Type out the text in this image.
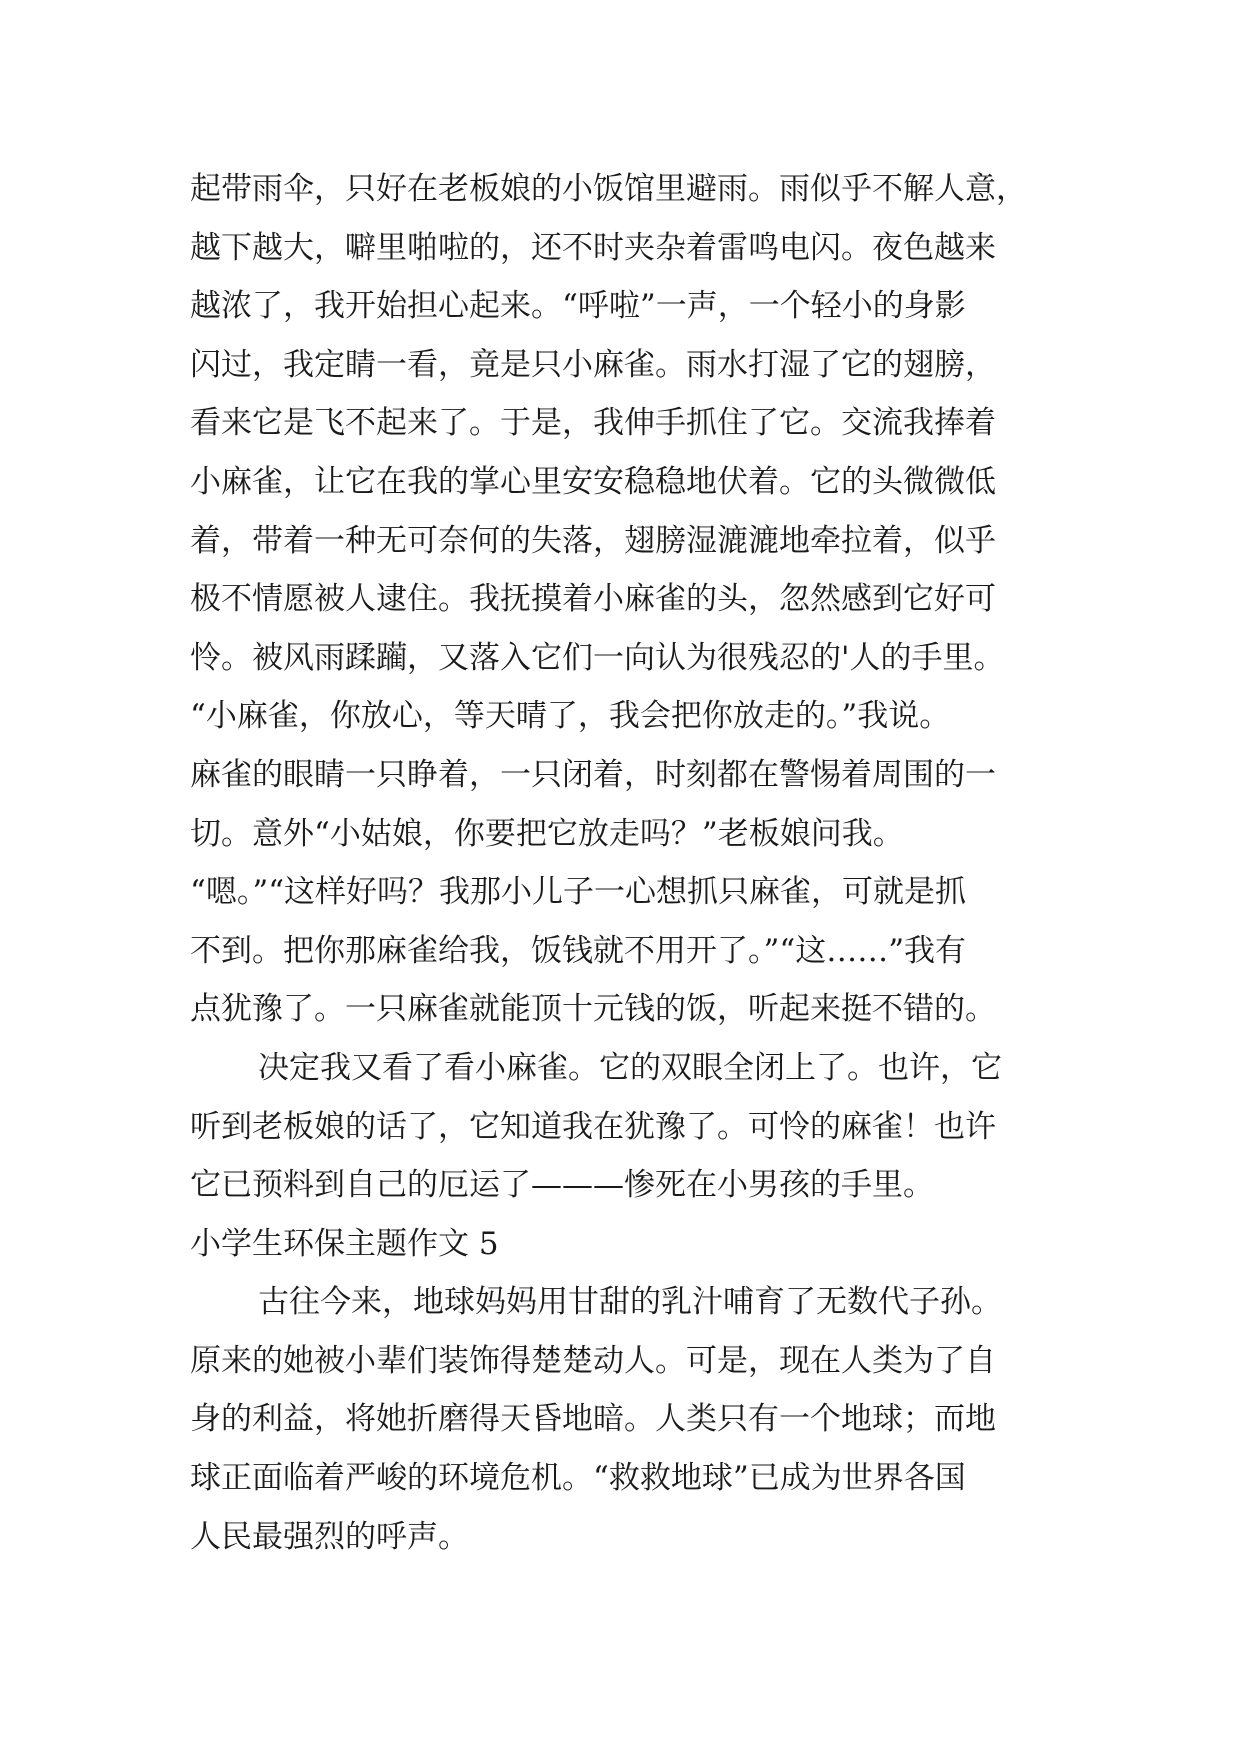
起带雨伞，只好在老板娘的小饭馆里避雨。雨似乎不解人意，
越下越大，噼里啪啦的，还不时夹杂着雷鸣电闪。夜色越来
越浓了，我开始担心起来。“呼啦”一声，一个轻小的身影
闪过，我定睛一看，竟是只小麻雀。雨水打湿了它的翅膀，
看来它是飞不起来了。于是，我伸手抓住了它。交流我捧着
小麻雀，让它在我的掌心里安安稳稳地伏着。它的头微微低
着，带着一种无可奈何的失落，翅膀湿漉漉地牵拉着，似乎
极不情愿被人逮住。我抚摸着小麻雀的头，忽然感到它好可
怜。被风雨蹂躏，又落入它们一向认为很残忍的'人的手里。
“小麻雀，你放心，等天晴了，我会把你放走的。”我说。
麻雀的眼睛一只睁着，一只闭着，时刻都在警惕着周围的一
切。意外“小姑娘，你要把它放走吗？”老板娘问我。
“嗯。”“这样好吗？我那小儿子一心想抓只麻雀，可就是抓
不到。把你那麻雀给我，饭钱就不用开了。”“这……”我有
点犹豫了。一只麻雀就能顶十元钱的饭，听起来挺不错的。
决定我又看了看小麻雀。它的双眼全闭上了。也许，它
听到老板娘的话了，它知道我在犹豫了。可怜的麻雀！也许
它已预料到自己的厄运了———惨死在小男孩的手里。
小学生环保主题作文 5
古往今来，地球妈妈用甘甜的乳汁哺育了无数代子孙。
原来的她被小辈们装饰得楚楚动人。可是，现在人类为了自
身的利益，将她折磨得天昏地暗。人类只有一个地球；而地
球正面临着严峻的环境危机。“救救地球”已成为世界各国
人民最强烈的呼声。
